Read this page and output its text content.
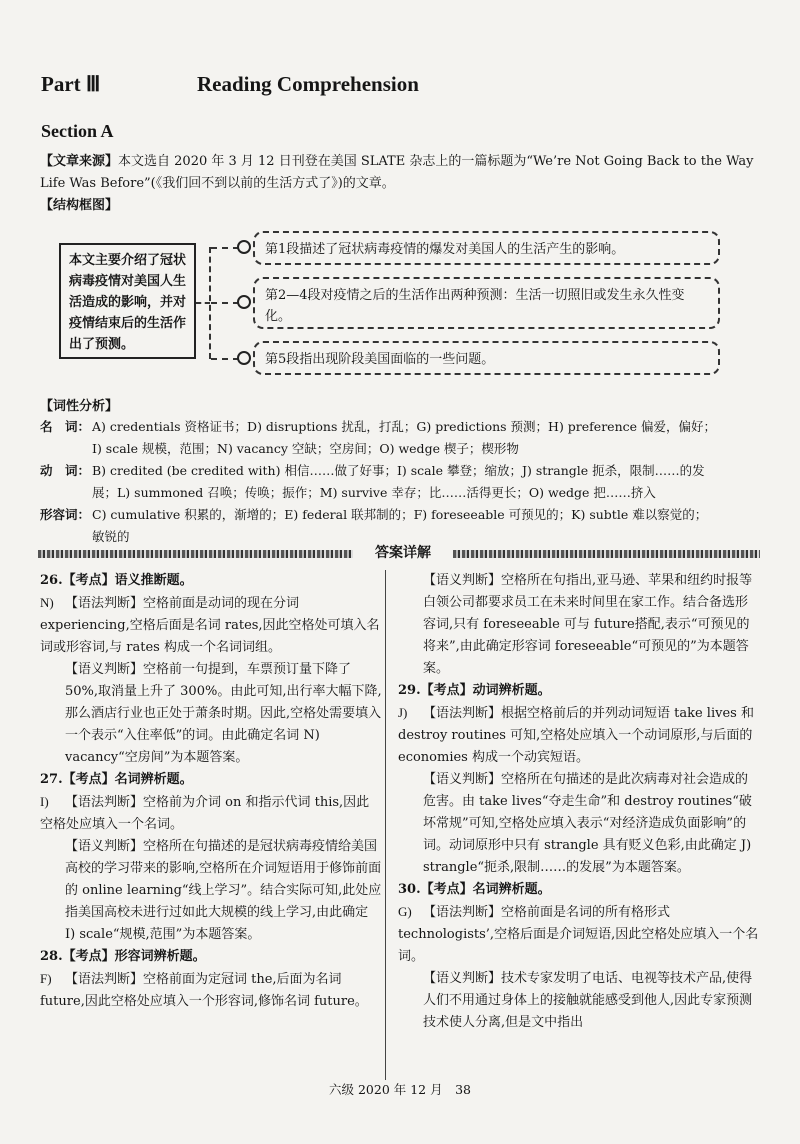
Part Ⅲ	Reading Comprehension
Section A
【文章来源】本文选自 2020 年 3 月 12 日刊登在美国 SLATE 杂志上的一篇标题为“We’re Not Going Back to the Way Life Was Before”(《我们回不到以前的生活方式了》)的文章。
【结构框图】
本文主要介绍了冠状病毒疫情对美国人生活造成的影响，并对疫情结束后的生活作出了预测。
第1段描述了冠状病毒疫情的爆发对美国人的生活产生的影响。
第2—4段对疫情之后的生活作出两种预测：生活一切照旧或发生永久性变化。
第5段指出现阶段美国面临的一些问题。
【词性分析】
名　词： A) credentials 资格证书；D) disruptions 扰乱，打乱；G) predictions 预测；H) preference 偏爱，偏好；
I) scale 规模，范围；N) vacancy 空缺；空房间；O) wedge 楔子；楔形物
动　词： B) credited (be credited with) 相信……做了好事；I) scale 攀登；缩放；J) strangle 扼杀，限制……的发
展；L) summoned 召唤；传唤；振作；M) survive 幸存；比……活得更长；O) wedge 把……挤入
形容词： C) cumulative 积累的，渐增的；E) federal 联邦制的；F) foreseeable 可预见的；K) subtle 难以察觉的；
敏锐的
答案详解

26.【考点】语义推断题。

N) 【语法判断】空格前面是动词的现在分词 experiencing,空格后面是名词 rates,因此空格处可填入名词或形容词,与 rates 构成一个名词词组。

【语义判断】空格前一句提到，车票预订量下降了 50%,取消量上升了 300%。由此可知,出行率大幅下降,那么酒店行业也正处于萧条时期。因此,空格处需要填入一个表示“入住率低”的词。由此确定名词 N) vacancy“空房间”为本题答案。

27.【考点】名词辨析题。

I) 【语法判断】空格前为介词 on 和指示代词 this,因此空格处应填入一个名词。

【语义判断】空格所在句描述的是冠状病毒疫情给美国高校的学习带来的影响,空格所在介词短语用于修饰前面的 online learning“线上学习”。结合实际可知,此处应指美国高校未进行过如此大规模的线上学习,由此确定 I) scale“规模,范围”为本题答案。

28.【考点】形容词辨析题。

F) 【语法判断】空格前面为定冠词 the,后面为名词 future,因此空格处应填入一个形容词,修饰名词 future。

【语义判断】空格所在句指出,亚马逊、苹果和纽约时报等白领公司都要求员工在未来时间里在家工作。结合备选形容词,只有 foreseeable 可与 future搭配,表示“可预见的将来”,由此确定形容词 foreseeable“可预见的”为本题答案。

29.【考点】动词辨析题。

J) 【语法判断】根据空格前后的并列动词短语 take lives 和 destroy routines 可知,空格处应填入一个动词原形,与后面的 economies 构成一个动宾短语。

【语义判断】空格所在句描述的是此次病毒对社会造成的危害。由 take lives“夺走生命”和 destroy routines“破坏常规”可知,空格处应填入表示“对经济造成负面影响”的词。动词原形中只有 strangle 具有贬义色彩,由此确定 J) strangle“扼杀,限制……的发展”为本题答案。

30.【考点】名词辨析题。

G) 【语法判断】空格前面是名词的所有格形式 technologists’,空格后面是介词短语,因此空格处应填入一个名词。

【语义判断】技术专家发明了电话、电视等技术产品,使得人们不用通过身体上的接触就能感受到他人,因此专家预测技术使人分离,但是文中指出

六级 2020 年 12 月　38
